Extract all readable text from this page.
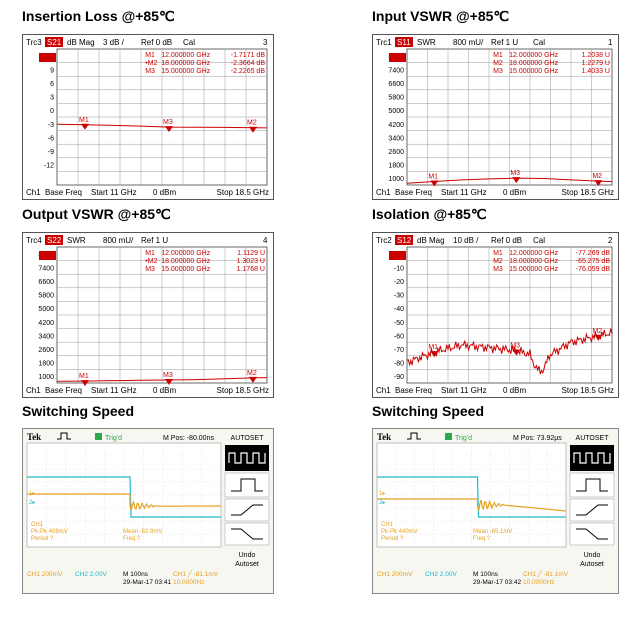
Insertion Loss @+85℃	Input VSWR @+85℃
Output VSWR @+85℃	Isolation @+85℃
Switching Speed	Switching Speed
Trc3 S21 dB Mag 3 dB / Ref 0 dB Cal	3
9
6
3
0
-3
-6
-9
-12
M1 12.000000 GHz	-1.7171 dB
•M2 18.000000 GHz	-2.3664 dB
M3 15.000000 GHz	-2.2265 dB
M1	M3	M2
Ch1 Base Freq Start 11 GHz 0 dBm	Stop 18.5 GHz
Trc1 S11 SWR 800 mU/ Ref 1 U Cal	1
7400
6600
5800
5000
4200
3400
2600
1800
1000
M1 12.000000 GHz	1.2038 U
M2 18.000000 GHz	1.2279 U
M3 15.000000 GHz	1.4033 U
M1	M3	M2
Ch1 Base Freq Start 11 GHz 0 dBm	Stop 18.5 GHz
Trc4 S22 SWR 800 mU/ Ref 1 U	4
7400
6600
5800
5000
4200
3400
2600
1800
1000
M1 12.000000 GHz	1.1129 U
•M2 18.000000 GHz	1.3023 U
M3 15.000000 GHz	1.1768 U
M1	M3	M2
Ch1 Base Freq Start 11 GHz 0 dBm	Stop 18.5 GHz
Trc2 S12 dB Mag 10 dB / Ref 0 dB Cal	2
-10
-20
-30
-40
-50
-60
-70
-80
-90
M1 12.000000 GHz	-77.269 dB
M2 18.000000 GHz	-65.275 dB
M3 15.000000 GHz	-76.059 dB
M1	M3
M2
Ch1 Base Freq Start 11 GHz 0 dBm	Stop 18.5 GHz
Tek	Trig'd	M Pos: -80.00ns AUTOSET
1▸
2▸
CH1
Pk-Pk 408mV
Period ?
Mean -82.9mV
Freq ?
Undo
Autoset
CH1 200mV CH2 2.00V M 100ns
29-Mar-17 03:41
CH1 ╱ -81.1mV
10.0000Hz
Tek	Trig'd	M Pos: 73.92μs AUTOSET
1▸
2▸
CH1
Pk-Pk 440mV
Period ?
Mean -65.1mV
Freq ?
Undo
Autoset
CH1 200mV CH2 2.00V M 100ns
29-Mar-17 03:42
CH1 ╱ -81.1mV
10.0000Hz
